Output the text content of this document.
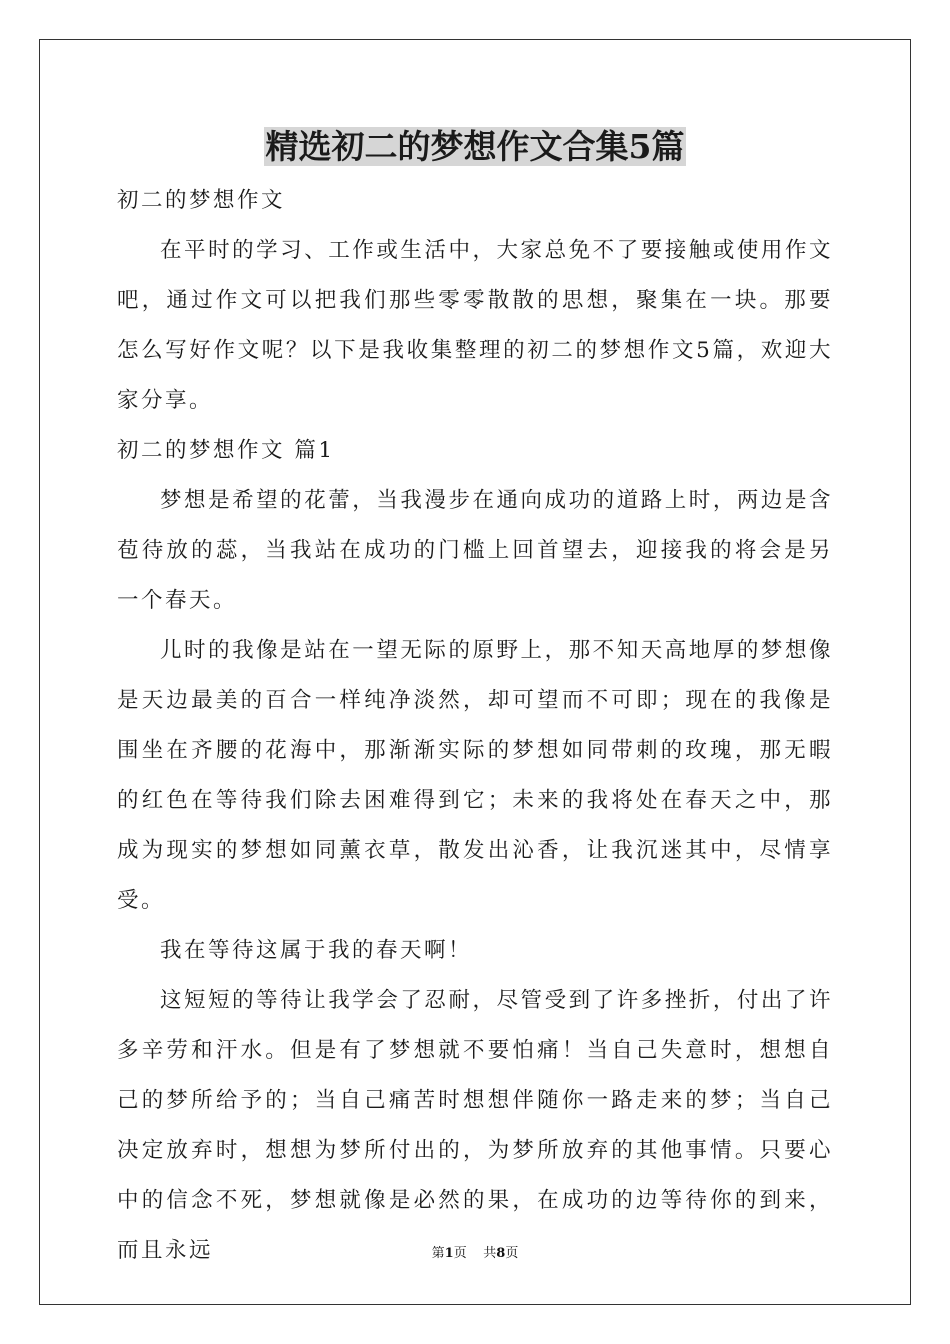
精选初二的梦想作文合集5篇

初二的梦想作文

在平时的学习、工作或生活中，大家总免不了要接触或使用作文吧，通过作文可以把我们那些零零散散的思想，聚集在一块。那要怎么写好作文呢？以下是我收集整理的初二的梦想作文5篇，欢迎大家分享。

初二的梦想作文 篇1

梦想是希望的花蕾，当我漫步在通向成功的道路上时，两边是含苞待放的蕊，当我站在成功的门槛上回首望去，迎接我的将会是另一个春天。

儿时的我像是站在一望无际的原野上，那不知天高地厚的梦想像是天边最美的百合一样纯净淡然，却可望而不可即；现在的我像是围坐在齐腰的花海中，那渐渐实际的梦想如同带刺的玫瑰，那无暇的红色在等待我们除去困难得到它；未来的我将处在春天之中，那成为现实的梦想如同薰衣草，散发出沁香，让我沉迷其中，尽情享受。

我在等待这属于我的春天啊！

这短短的等待让我学会了忍耐，尽管受到了许多挫折，付出了许多辛劳和汗水。但是有了梦想就不要怕痛！当自己失意时，想想自己的梦所给予的；当自己痛苦时想想伴随你一路走来的梦；当自己决定放弃时，想想为梦所付出的，为梦所放弃的其他事情。只要心中的信念不死，梦想就像是必然的果，在成功的边等待你的到来，而且永远	第1页 共8页
